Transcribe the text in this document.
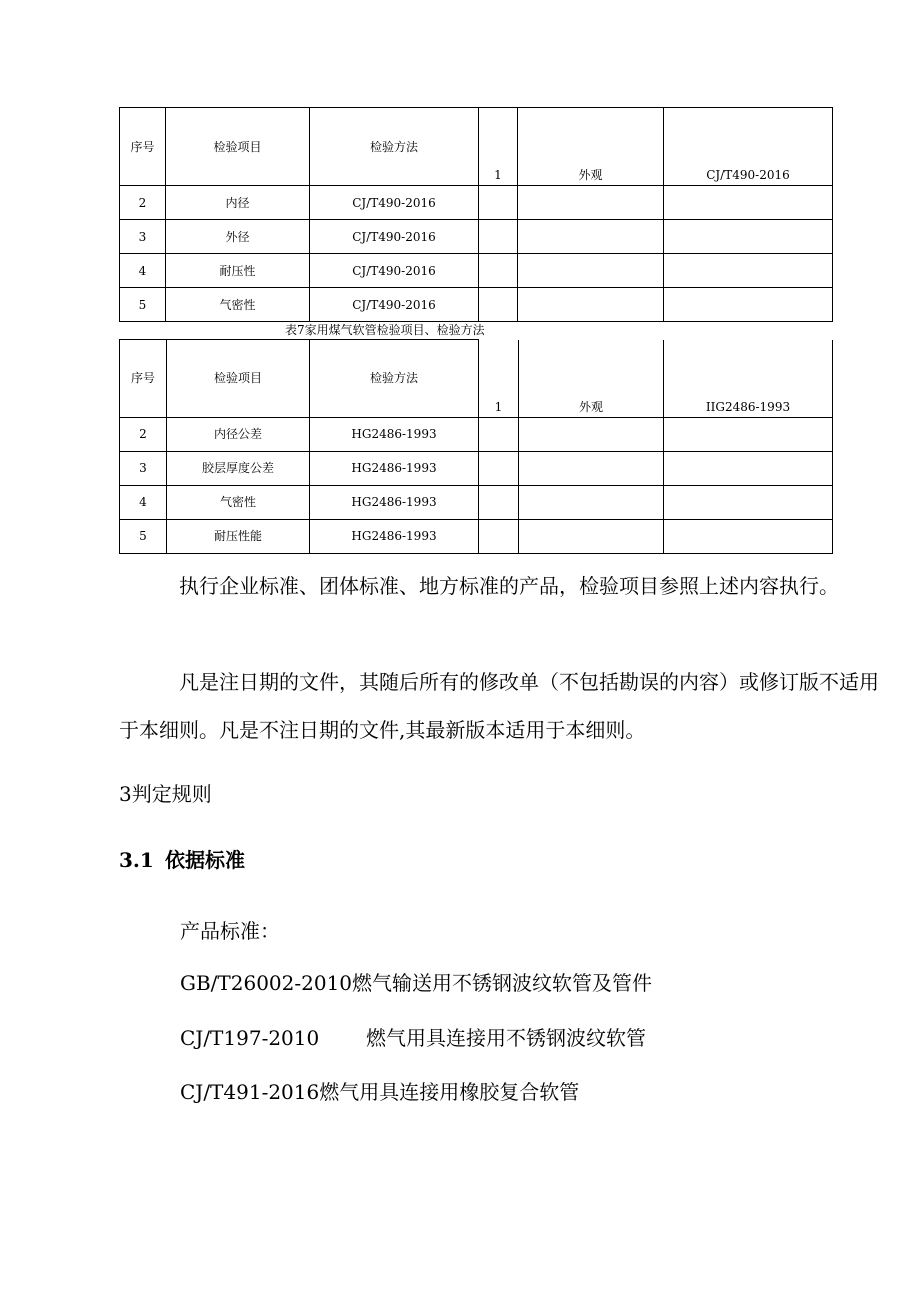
序号	检验项目	检验方法	1	外观	CJ/T490-2016
2	内径	CJ/T490-2016			
3	外径	CJ/T490-2016			
4	耐压性	CJ/T490-2016			
5	气密性	CJ/T490-2016			
表7家用煤气软管检验项目、检验方法
序号	检验项目	检验方法	1	外观	IIG2486-1993
2	内径公差	HG2486-1993			
3	胶层厚度公差	HG2486-1993			
4	气密性	HG2486-1993			
5	耐压性能	HG2486-1993			

执行企业标准、团体标准、地方标准的产品，检验项目参照上述内容执行。

凡是注日期的文件，其随后所有的修改单（不包括勘误的内容）或修订版不适用于本细则。凡是不注日期的文件,其最新版本适用于本细则。

3判定规则
3.1 依据标准
产品标准：
GB/T26002-2010燃气输送用不锈钢波纹软管及管件
CJ/T197-2010 燃气用具连接用不锈钢波纹软管
CJ/T491-2016燃气用具连接用橡胶复合软管
